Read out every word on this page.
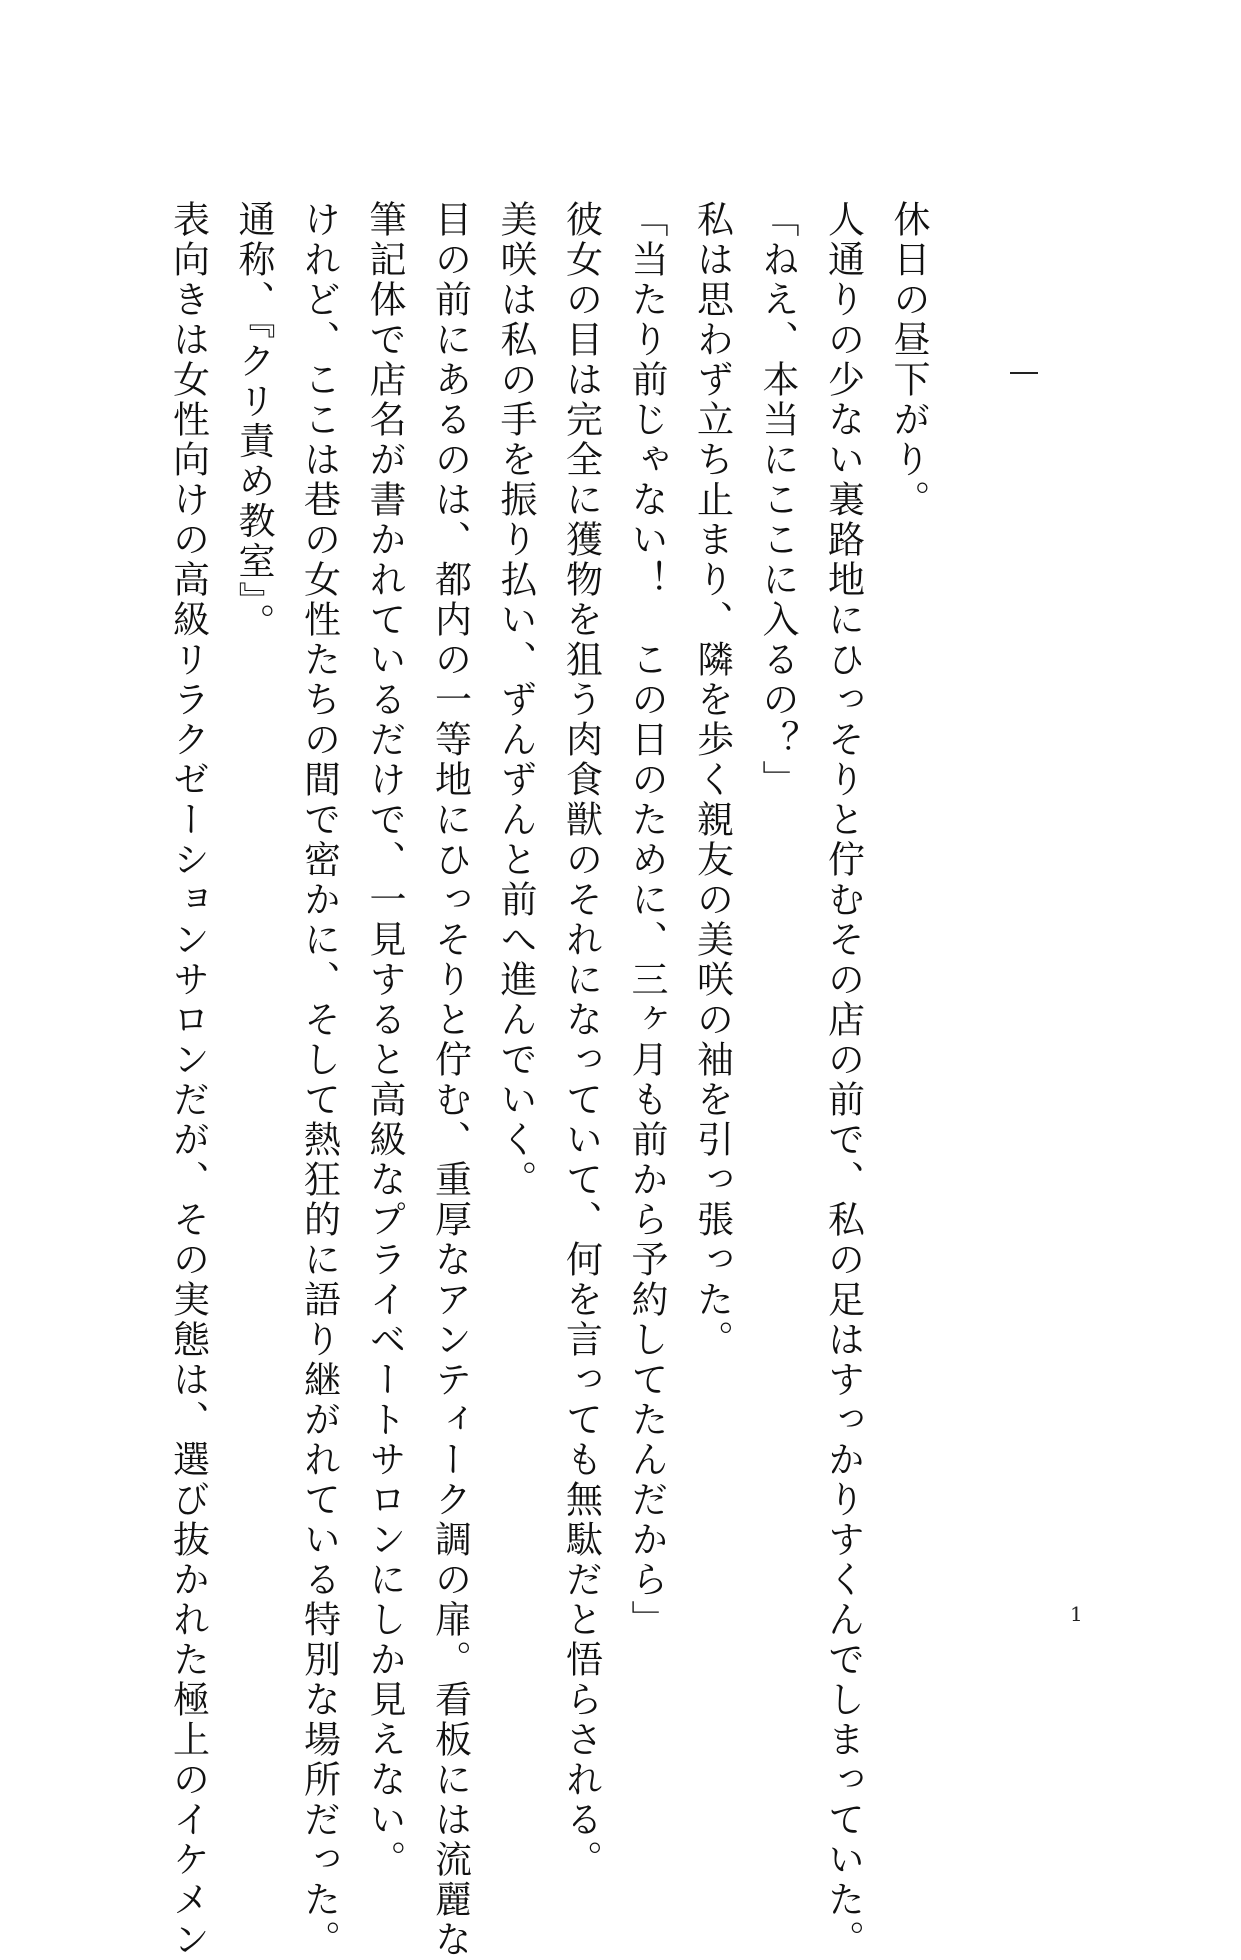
休日の昼下がり。
人通りの少ない裏路地にひっそりと佇むその店の前で、私の足はすっかりすくんでしまっていた。
「ねえ、本当にここに入るの？」
私は思わず立ち止まり、隣を歩く親友の美咲の袖を引っ張った。
「当たり前じゃない！　この日のために、三ヶ月も前から予約してたんだから」
彼女の目は完全に獲物を狙う肉食獣のそれになっていて、何を言っても無駄だと悟らされる。
美咲は私の手を振り払い、ずんずんと前へ進んでいく。
目の前にあるのは、都内の一等地にひっそりと佇む、重厚なアンティーク調の扉。看板には流麗な
筆記体で店名が書かれているだけで、一見すると高級なプライベートサロンにしか見えない。
けれど、ここは巷の女性たちの間で密かに、そして熱狂的に語り継がれている特別な場所だった。
通称、『クリ責め教室』。
表向きは女性向けの高級リラクゼーションサロンだが、その実態は、選び抜かれた極上のイケメン	1
